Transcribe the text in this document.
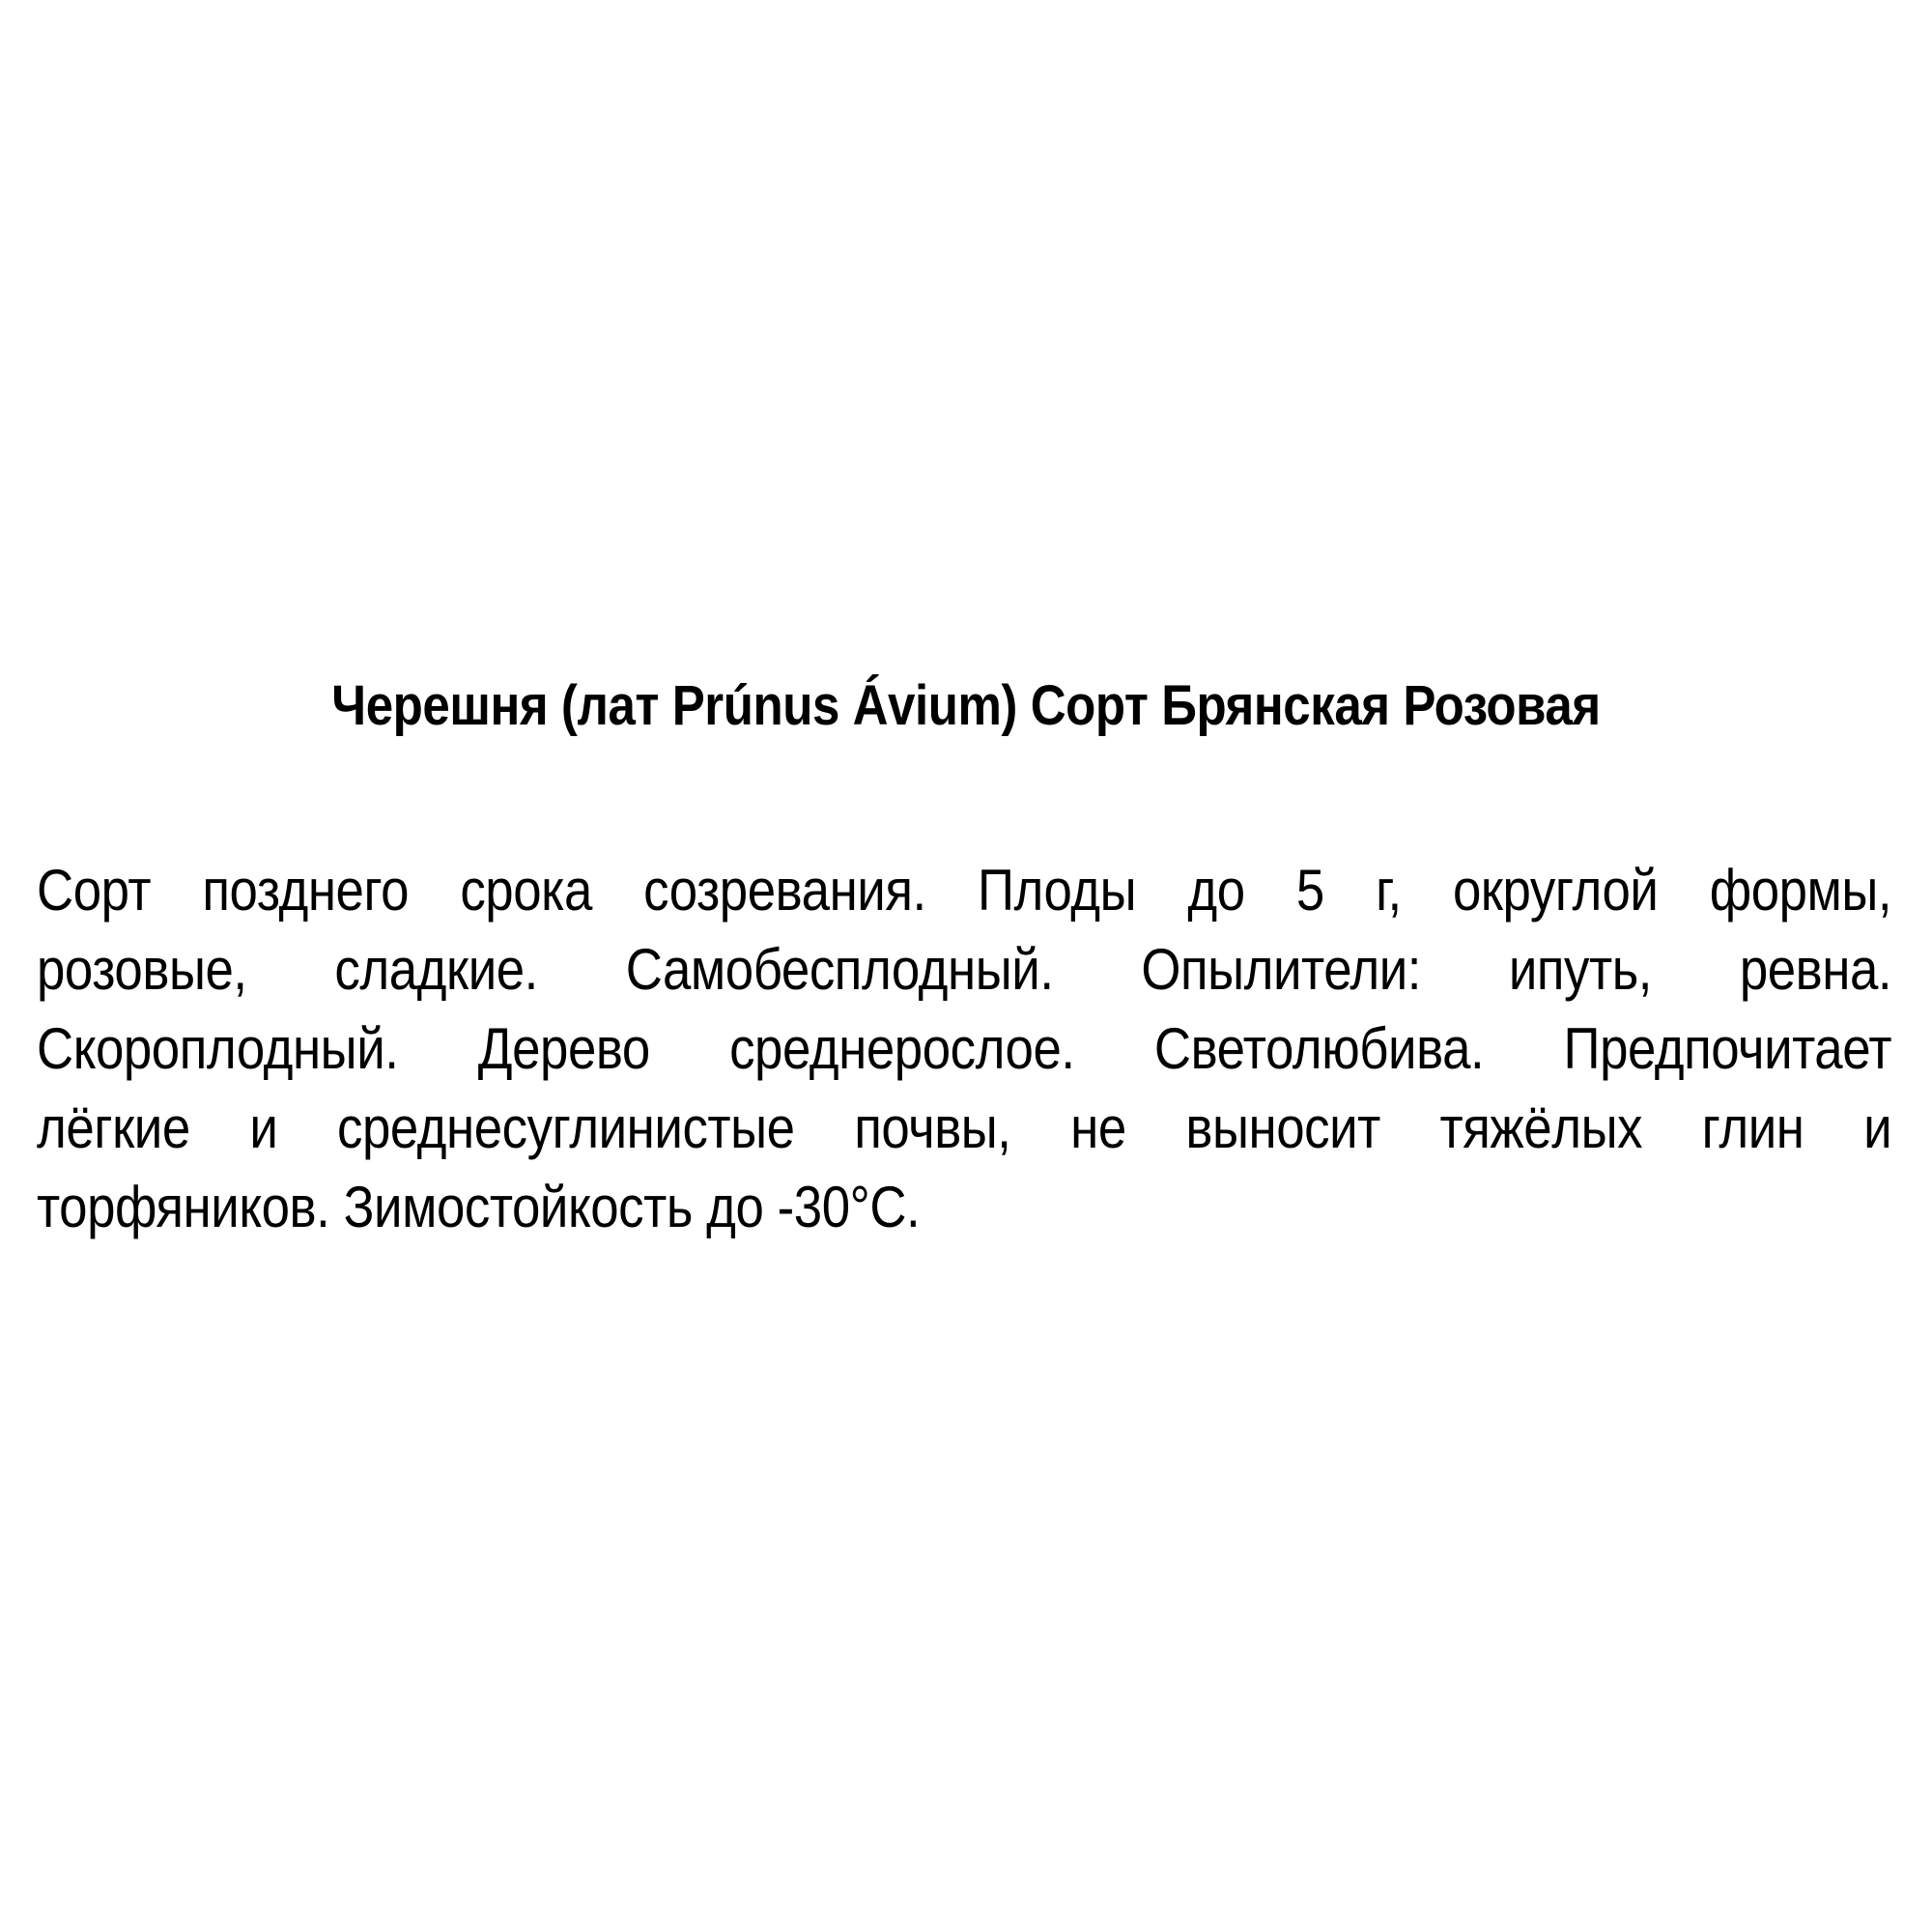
Черешня (лат Prúnus Ávium) Сорт Брянская Розовая
Сорт позднего срока созревания. Плоды до 5 г, округлой формы,
розовые, сладкие. Самобесплодный. Опылители: ипуть, ревна.
Скороплодный. Дерево среднерослое. Светолюбива. Предпочитает
лёгкие и среднесуглинистые почвы, не выносит тяжёлых глин и
торфяников. Зимостойкость до -30°С.
